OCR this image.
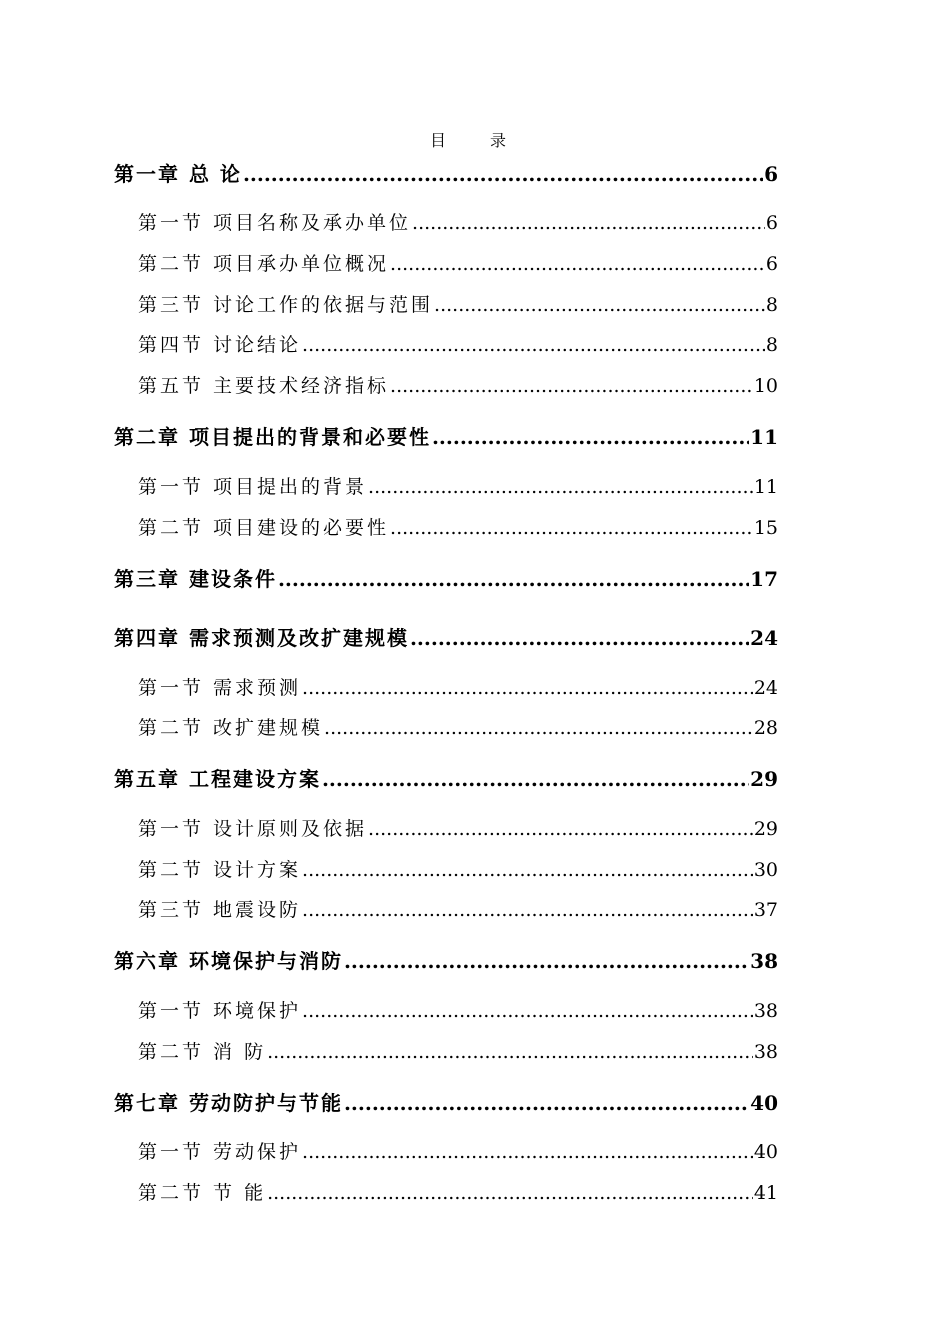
目　录
第一章 总 论 .....	6
第一节 项目名称及承办单位 .....	6
第二节 项目承办单位概况 .....	6
第三节 讨论工作的依据与范围 .....	8
第四节 讨论结论 .....	8
第五节 主要技术经济指标 .....	10
第二章 项目提出的背景和必要性 .....	11
第一节 项目提出的背景 .....	11
第二节 项目建设的必要性 .....	15
第三章 建设条件 .....	17
第四章 需求预测及改扩建规模 .....	24
第一节 需求预测 .....	24
第二节 改扩建规模 .....	28
第五章 工程建设方案 .....	29
第一节 设计原则及依据 .....	29
第二节 设计方案 .....	30
第三节 地震设防 .....	37
第六章 环境保护与消防 .....	38
第一节 环境保护 .....	38
第二节 消 防 .....	38
第七章 劳动防护与节能 .....	40
第一节 劳动保护 .....	40
第二节 节 能 .....	41
